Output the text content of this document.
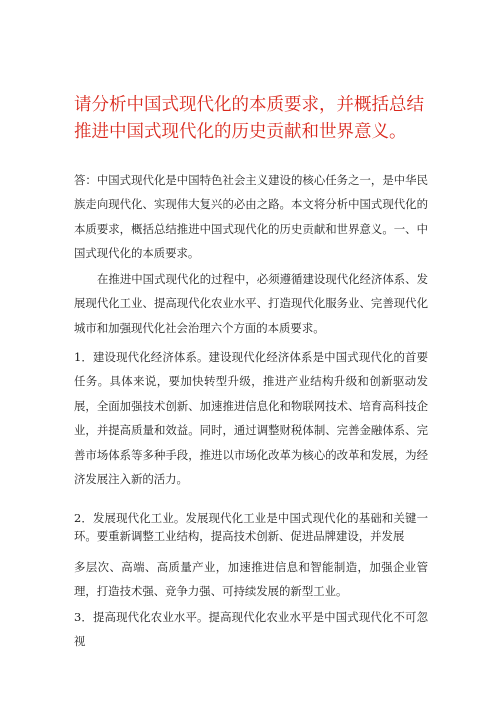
请分析中国式现代化的本质要求，并概括总结推进中国式现代化的历史贡献和世界意义。

答：中国式现代化是中国特色社会主义建设的核心任务之一，是中华民族走向现代化、实现伟大复兴的必由之路。本文将分析中国式现代化的本质要求，概括总结推进中国式现代化的历史贡献和世界意义。一、中国式现代化的本质要求。

在推进中国式现代化的过程中，必须遵循建设现代化经济体系、发展现代化工业、提高现代化农业水平、打造现代化服务业、完善现代化城市和加强现代化社会治理六个方面的本质要求。

1．建设现代化经济体系。建设现代化经济体系是中国式现代化的首要任务。具体来说，要加快转型升级，推进产业结构升级和创新驱动发展，全面加强技术创新、加速推进信息化和物联网技术、培育高科技企业，并提高质量和效益。同时，通过调整财税体制、完善金融体系、完善市场体系等多种手段，推进以市场化改革为核心的改革和发展，为经济发展注入新的活力。

2．发展现代化工业。发展现代化工业是中国式现代化的基础和关键一环。要重新调整工业结构，提高技术创新、促进品牌建设，并发展

多层次、高端、高质量产业，加速推进信息和智能制造，加强企业管理，打造技术强、竞争力强、可持续发展的新型工业。

3．提高现代化农业水平。提高现代化农业水平是中国式现代化不可忽视
